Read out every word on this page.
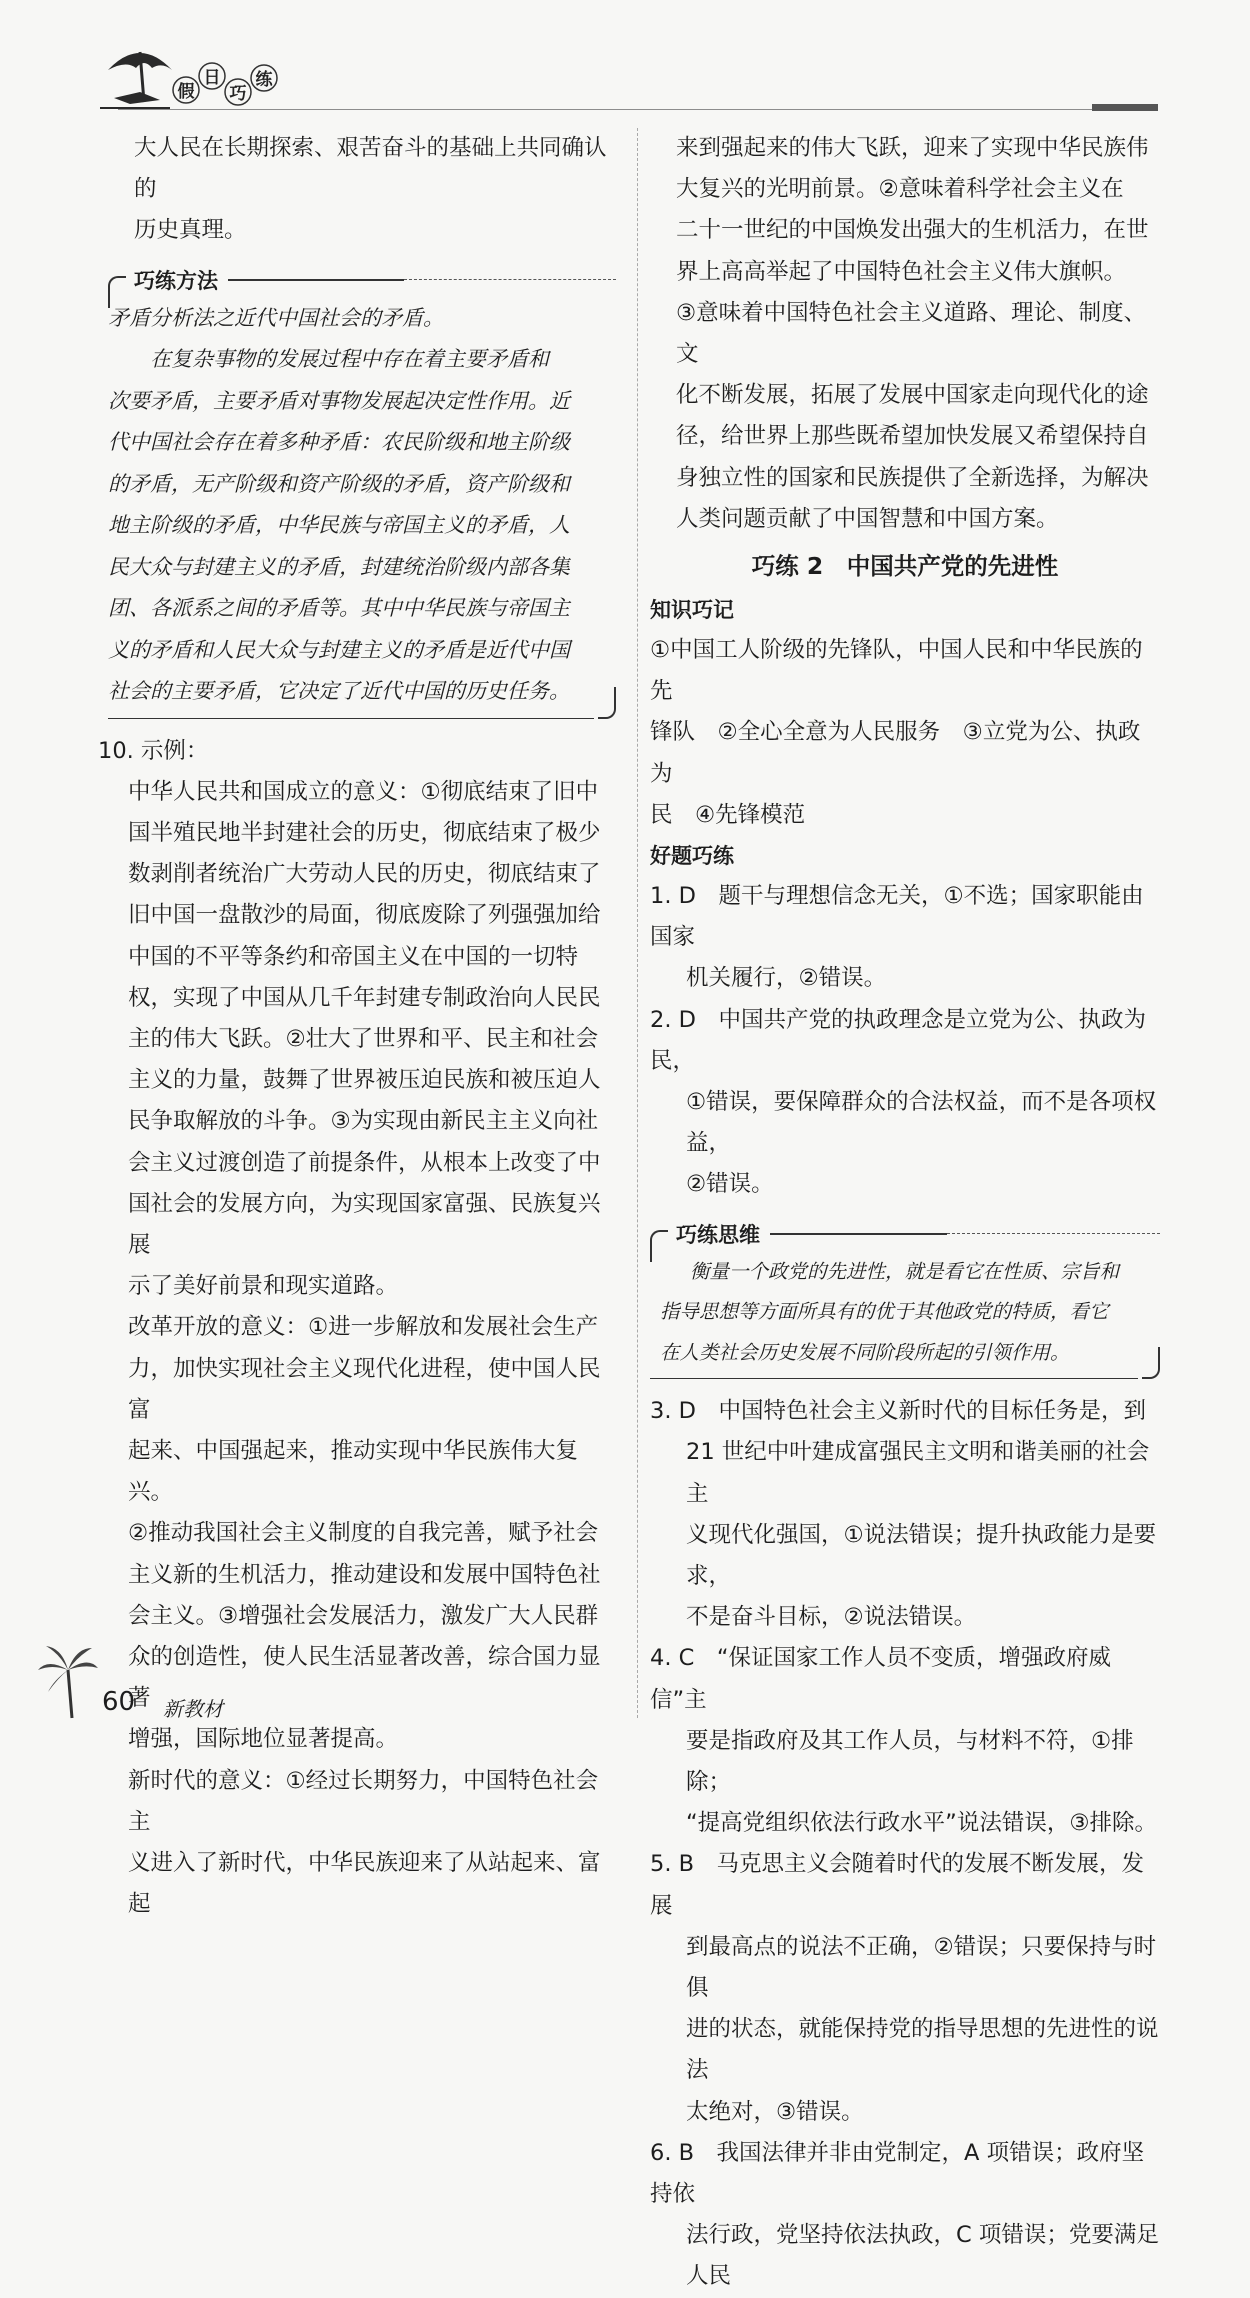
假
日
巧
练

大人民在长期探索、艰苦奋斗的基础上共同确认的

历史真理。

巧练方法
矛盾分析法之近代中国社会的矛盾。
在复杂事物的发展过程中存在着主要矛盾和
次要矛盾，主要矛盾对事物发展起决定性作用。近
代中国社会存在着多种矛盾：农民阶级和地主阶级
的矛盾，无产阶级和资产阶级的矛盾，资产阶级和
地主阶级的矛盾，中华民族与帝国主义的矛盾，人
民大众与封建主义的矛盾，封建统治阶级内部各集
团、各派系之间的矛盾等。其中中华民族与帝国主
义的矛盾和人民大众与封建主义的矛盾是近代中国
社会的主要矛盾，它决定了近代中国的历史任务。

10. 示例：

中华人民共和国成立的意义：①彻底结束了旧中

国半殖民地半封建社会的历史，彻底结束了极少

数剥削者统治广大劳动人民的历史，彻底结束了

旧中国一盘散沙的局面，彻底废除了列强强加给

中国的不平等条约和帝国主义在中国的一切特

权，实现了中国从几千年封建专制政治向人民民

主的伟大飞跃。②壮大了世界和平、民主和社会

主义的力量，鼓舞了世界被压迫民族和被压迫人

民争取解放的斗争。③为实现由新民主主义向社

会主义过渡创造了前提条件，从根本上改变了中

国社会的发展方向，为实现国家富强、民族复兴展

示了美好前景和现实道路。

改革开放的意义：①进一步解放和发展社会生产

力，加快实现社会主义现代化进程，使中国人民富

起来、中国强起来，推动实现中华民族伟大复兴。

②推动我国社会主义制度的自我完善，赋予社会

主义新的生机活力，推动建设和发展中国特色社

会主义。③增强社会发展活力，激发广大人民群

众的创造性，使人民生活显著改善，综合国力显著

增强，国际地位显著提高。

新时代的意义：①经过长期努力，中国特色社会主

义进入了新时代，中华民族迎来了从站起来、富起

来到强起来的伟大飞跃，迎来了实现中华民族伟

大复兴的光明前景。②意味着科学社会主义在

二十一世纪的中国焕发出强大的生机活力，在世

界上高高举起了中国特色社会主义伟大旗帜。

③意味着中国特色社会主义道路、理论、制度、文

化不断发展，拓展了发展中国家走向现代化的途

径，给世界上那些既希望加快发展又希望保持自

身独立性的国家和民族提供了全新选择，为解决

人类问题贡献了中国智慧和中国方案。

巧练 2　中国共产党的先进性
知识巧记

①中国工人阶级的先锋队，中国人民和中华民族的先

锋队　②全心全意为人民服务　③立党为公、执政为

民　④先锋模范

好题巧练

1. D　题干与理想信念无关，①不选；国家职能由国家

机关履行，②错误。

2. D　中国共产党的执政理念是立党为公、执政为民，

①错误，要保障群众的合法权益，而不是各项权益，

②错误。

巧练思维
衡量一个政党的先进性，就是看它在性质、宗旨和
指导思想等方面所具有的优于其他政党的特质，看它
在人类社会历史发展不同阶段所起的引领作用。

3. D　中国特色社会主义新时代的目标任务是，到

21 世纪中叶建成富强民主文明和谐美丽的社会主

义现代化强国，①说法错误；提升执政能力是要求，

不是奋斗目标，②说法错误。

4. C　“保证国家工作人员不变质，增强政府威信”主

要是指政府及其工作人员，与材料不符，①排除；

“提高党组织依法行政水平”说法错误，③排除。

5. B　马克思主义会随着时代的发展不断发展，发展

到最高点的说法不正确，②错误；只要保持与时俱

进的状态，就能保持党的指导思想的先进性的说法

太绝对，③错误。

6. B　我国法律并非由党制定，A 项错误；政府坚持依

法行政，党坚持依法执政，C 项错误；党要满足人民

60 新教材
